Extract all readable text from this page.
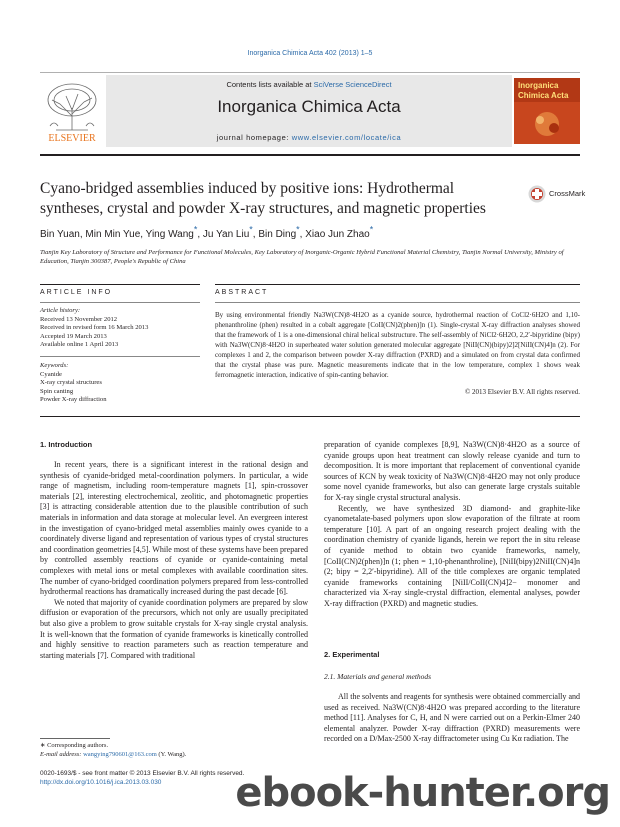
Inorganica Chimica Acta 402 (2013) 1–5
ELSEVIER
Contents lists available at SciVerse ScienceDirect
Inorganica Chimica Acta
journal homepage: www.elsevier.com/locate/ica
Inorganica
Chimica Acta
Cyano-bridged assemblies induced by positive ions: Hydrothermal syntheses, crystal and powder X-ray structures, and magnetic properties
CrossMark
Bin Yuan, Min Min Yue, Ying Wang*, Ju Yan Liu*, Bin Ding*, Xiao Jun Zhao*
Tianjin Key Laboratory of Structure and Performance for Functional Molecules, Key Laboratory of Inorganic-Organic Hybrid Functional Material Chemistry, Tianjin Normal University, Ministry of Education, Tianjin 300387, People's Republic of China
ARTICLE INFO	ABSTRACT
Article history:
Received 13 November 2012
Received in revised form 16 March 2013
Accepted 19 March 2013
Available online 1 April 2013
Keywords:
Cyanide
X-ray crystal structures
Spin canting
Powder X-ray diffraction
By using environmental friendly Na3W(CN)8·4H2O as a cyanide source, hydrothermal reaction of CoCl2·6H2O and 1,10-phenanthroline (phen) resulted in a cobalt aggregate [CoII(CN)2(phen)]n (1). Single-crystal X-ray diffraction analyses showed that the framework of 1 is a one-dimensional chiral helical substructure. The self-assembly of NiCl2·6H2O, 2,2′-bipyridine (bipy) with Na3W(CN)8·4H2O in superheated water solution generated molecular aggregate [NiII(CN)(bipy)2]2[NiII(CN)4]n (2). For complexes 1 and 2, the comparison between powder X-ray diffraction (PXRD) and a simulated on from crystal data confirmed that the crystal phase was pure. Magnetic measurements indicate that in the low temperature, complex 1 shows weak ferromagnetic interaction, indicative of spin-canting behavior.
© 2013 Elsevier B.V. All rights reserved.
1. Introduction

In recent years, there is a significant interest in the rational design and synthesis of cyanide-bridged metal-coordination polymers. In particular, a wide range of magnetism, including room-temperature magnets [1], spin-crossover materials [2], interesting electrochemical, zeolitic, and photomagnetic properties [3] is attracting considerable attention due to the plausible contribution of such materials in information and data storage at molecular level. An evergreen interest in the investigation of cyano-bridged metal assemblies mainly owes cyanide to a coordinately diverse ligand and representation of various types of crystal structures and coordination geometries [4,5]. While most of these systems have been prepared by controlled assembly reactions of cyanide or cyanide-containing metal complexes with metal ions or metal complexes with available coordination sites. The number of cyano-bridged coordination polymers prepared from less-controlled hydrothermal reactions has dramatically increased during the past decade [6].

We noted that majority of cyanide coordination polymers are prepared by slow diffusion or evaporation of the precursors, which not only are usually precipitated but also give a problem to grow suitable crystals for X-ray single crystal analysis. It is well-known that the formation of cyanide frameworks is kinetically controlled and highly sensitive to reaction parameters such as reaction temperature and starting materials [7]. Compared with traditional

∗ Corresponding authors.
E-mail address: wangying790601@163.com (Y. Wang).
0020-1693/$ - see front matter © 2013 Elsevier B.V. All rights reserved.
http://dx.doi.org/10.1016/j.ica.2013.03.030

preparation of cyanide complexes [8,9], Na3W(CN)8·4H2O as a source of cyanide groups upon heat treatment can slowly release cyanide and turn to decomposition. It is more important that replacement of conventional cyanide sources of KCN by weak toxicity of Na3W(CN)8·4H2O may not only produce some novel cyanide frameworks, but also can generate large crystals suitable for X-ray single crystal structural analysis.

Recently, we have synthesized 3D diamond- and graphite-like cyanometalate-based polymers upon slow evaporation of the filtrate at room temperature [10]. A part of an ongoing research project dealing with the coordination chemistry of cyanide ligands, herein we report the in situ release of cyanide method to obtain two cyanide frameworks, namely, [CoII(CN)2(phen)]n (1; phen = 1,10-phenanthroline), [NiII(bipy)2NiII(CN)4]n (2; bipy = 2,2′-bipyridine). All of the title complexes are organic templated cyanide frameworks containing [NiII/CoII(CN)4]2− monomer and characterized via X-ray single-crystal diffraction, elemental analyses, powder X-ray diffraction (PXRD) and magnetic studies.

2. Experimental
2.1. Materials and general methods

All the solvents and reagents for synthesis were obtained commercially and used as received. Na3W(CN)8·4H2O was prepared according to the literature method [11]. Analyses for C, H, and N were carried out on a Perkin-Elmer 240 elemental analyzer. Powder X-ray diffraction (PXRD) measurements were recorded on a D/Max-2500 X-ray diffractometer using Cu Kα radiation. The

ebook-hunter.org
